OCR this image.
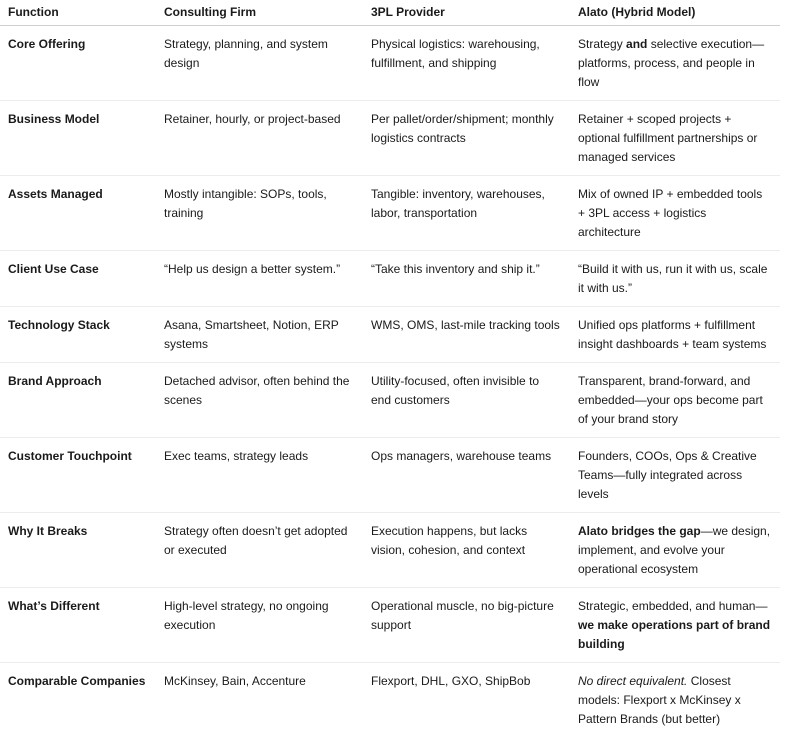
Function	Consulting Firm	3PL Provider	Alato (Hybrid Model)
Core Offering	Strategy, planning, and system design	Physical logistics: warehousing, fulfillment, and shipping	Strategy and selective execution—platforms, process, and people in flow
Business Model	Retainer, hourly, or project-based	Per pallet/order/shipment; monthly logistics contracts	Retainer + scoped projects + optional fulfillment partnerships or managed services
Assets Managed	Mostly intangible: SOPs, tools, training	Tangible: inventory, warehouses, labor, transportation	Mix of owned IP + embedded tools + 3PL access + logistics architecture
Client Use Case	“Help us design a better system.”	“Take this inventory and ship it.”	“Build it with us, run it with us, scale it with us.”
Technology Stack	Asana, Smartsheet, Notion, ERP systems	WMS, OMS, last-mile tracking tools	Unified ops platforms + fulfillment insight dashboards + team systems
Brand Approach	Detached advisor, often behind the scenes	Utility-focused, often invisible to end customers	Transparent, brand-forward, and embedded—your ops become part of your brand story
Customer Touchpoint	Exec teams, strategy leads	Ops managers, warehouse teams	Founders, COOs, Ops & Creative Teams—fully integrated across levels
Why It Breaks	Strategy often doesn’t get adopted or executed	Execution happens, but lacks vision, cohesion, and context	Alato bridges the gap—we design, implement, and evolve your operational ecosystem
What’s Different	High-level strategy, no ongoing execution	Operational muscle, no big-picture support	Strategic, embedded, and human—we make operations part of brand building
Comparable Companies	McKinsey, Bain, Accenture	Flexport, DHL, GXO, ShipBob	No direct equivalent. Closest models: Flexport x McKinsey x Pattern Brands (but better)
